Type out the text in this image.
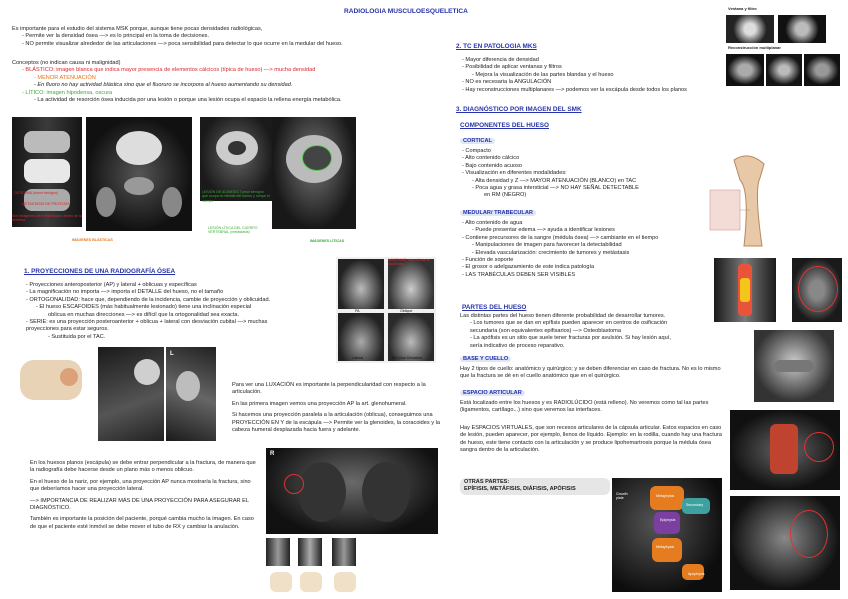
RADIOLOGIA MUSCULOESQUELETICA

Es importante para el estudio del sistema MSK porque, aunque tiene pocas densidades radiológicas,

- Permite ver la densidad ósea —> es lo principal en la toma de decisiones.

- NO permite visualizar alrededor de las articulaciones —> poca sensibilidad para detectar lo que ocurre en la medular del hueso.

Conceptos (no indican causa ni malignidad)

- BLÁSTICO: imagen blanca que indica mayor presencia de elementos cálcicos (típica de hueso) —> mucha densidad

- MENOR ATENUACIÓN

- En fluoro no hay actividad blástica sino que el fluoruro se incorpora al hueso aumentando su densidad.

- LÍTICO: imagen hipodensa, oscura

- La actividad de resorción ósea inducida por una lesión o porque una lesión ocupa el espacio la rellena energía metabólica.

OSTEOMA (tumor benigno)
METASTASIS DE PROSTATA
Son imágenes bien delimitadas dentro de la vértebra
IMÁGENES BLÁSTICAS
LESIÓN DE ACINESIS Tumor benigno que ocupa la médula del hueso y rompe el cuerpo
LESIÓN LÍTICA DEL CUERPO VERTEBRAL (metástasis)
IMÁGENES LÍTICAS
1. PROYECCIONES DE UNA RADIOGRAFÍA ÓSEA

- Proyecciones anteroposterior (AP) y lateral + oblicuas y específicas

- La magnificación no importa —> importa el DETALLE del hueso, no el tamaño

- ORTOGONALIDAD: hace que, dependiendo de la incidencia, cambie de proyección y oblicuidad.

- El hueso ESCAFOIDES (más habitualmente lesionado) tiene una inclinación especial

oblicua en muchas direcciones —> es difícil que la ortogonalidad sea exacta.

- SERIE: es una proyección posteroanterior + oblicua + lateral con desviación cubital —> muchas

proyecciones para estar seguros.

- Sustituida por el TAC.

NAVICULAR: vista oblicua de escafoides
PA	Oblique
Lateral	PA Ulnar Deviation
L

Para ver una LUXACIÓN es importante la perpendicularidad con respecto a la articulación.

En las primera imagen vemos una proyección AP la art. glenohumeral.

Si hacemos una proyección paralela a la articulación (oblicua), conseguimos una PROYECCIÓN EN Y de la escápula —> Permite ver la glenoides, la coracoides y la cabeza humeral desplazada hacia fuera y adelante.

R

En los huesos planos (escápula) se debe entrar perpendicular a la fractura, de manera que la radiografía debe hacerse desde un plano más o menos oblicuo.

En el hueso de la nariz, por ejemplo, una proyección AP nunca mostraría la fractura, sino que deberíamos hacer una proyección lateral.

—> IMPORTANCIA DE REALIZAR MÁS DE UNA PROYECCIÓN PARA ASEGURAR EL DIAGNÓSTICO.

También es importante la posición del paciente, porqué cambia mucho la imagen. En caso de que el paciente esté inmóvil se debe mover el tubo de RX y cambiar la anulación.

Ventana y filtro
Reconstrucción multiplanar
2. TC EN PATOLOGIA MKS

- Mayor diferencia de densidad

- Posibilidad de aplicar ventanas y filtros

- Mejora la visualización de las partes blandas y el hueso

- NO es necesaria la ANGULACIÓN

- Hay reconstrucciones multiplanares —> podemos ver la escápula desde todos los planos

3. DIAGNÓSTICO POR IMAGEN DEL SMK
COMPONENTES DEL HUESO
CORTICAL

- Compacto

- Alto contenido cálcico

- Bajo contenido acuoso

- Visualización en diferentes modalidades:

- Alta densidad y Z —> MAYOR ATENUACIÓN (BLANCO) en TAC

- Poca agua y grasa intersticial —> NO HAY SEÑAL DETECTABLE

en RM (NEGRO)

MEDULAR/ TRABECULAR

- Alto contenido de agua

- Puede presentar edema —> ayuda a identificar lesiones

- Contiene precursores de la sangre (médula ósea) —> cambiante en el tiempo

- Manipulaciones de imagen para favorecer la detectabilidad

- Elevada vascularización: crecimiento de tumores y metástasis

- Función de soporte

- El grosor o adelgazamiento de este indica patología

- LAS TRABÉCULAS DEBEN SER VISIBLES

PARTES DEL HUESO

Las distintas partes del hueso tienen diferente probabilidad de desarrollar tumores.

- Los tumores que se dan en epífisis pueden aparecer en centros de osificación

secundaria (son equivalentes epifisarios) —> Osteoblastoma

- La apófisis es un sitio que suele tener fracturas por avulsión. Si hay lesión aquí,

sería indicativo de proceso reparativo.

BASE Y CUELLO
Hay 2 tipos de cuello: anatómico y quirúrgico; y se deben diferenciar en caso de fractura. No es lo mismo que la fractura se dé en el cuello anatómico que en el quirúrgico.
ESPACIO ARTICULAR
Está localizado entre los huesos y es RADIOLÚCIDO (está relleno). No veremos como tal las partes (ligamentos, cartílago...) sino que veremos las interfaces.
Hay ESPACIOS VIRTUALES, que son recesos articulares de la cápsula articular. Estos espacios en caso de lesión, pueden aparecer, por ejemplo, llenos de líquido. Ejemplo: en la rodilla, cuando hay una fractura de hueso, este tiene contacto con la articulación y se produce lipohemartrosis porque la médula ósea sangra dentro de la articulación.
OTRAS PARTES:
EPÍFISIS, METÁFISIS, DIÁFISIS, APÓFISIS
Growth plate
Metaphysis
Epiphysis
Secondary
Metaphysis
Apophysis
